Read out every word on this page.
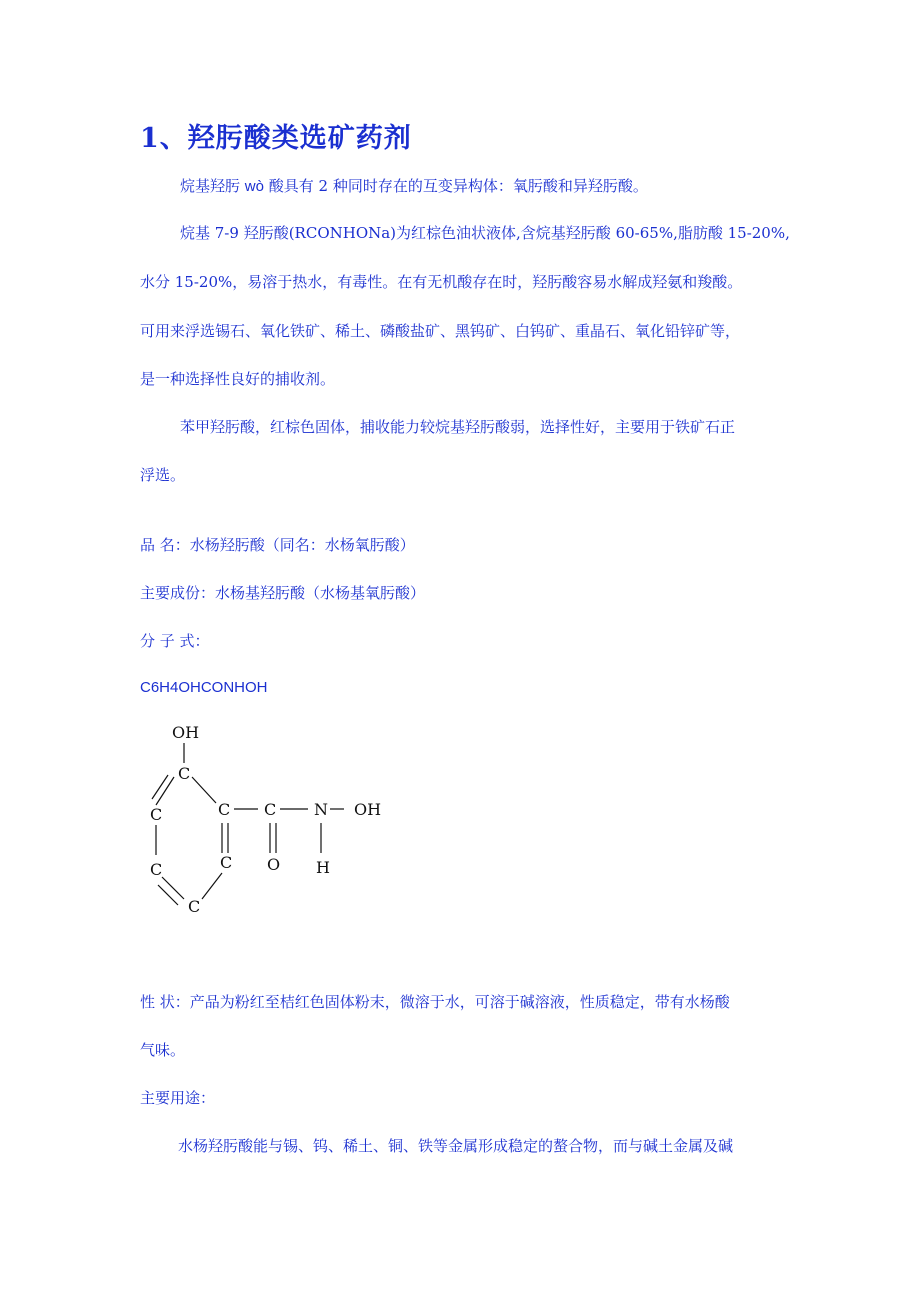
1、羟肟酸类选矿药剂
烷基羟肟 wò 酸具有 2 种同时存在的互变异构体：氧肟酸和异羟肟酸。
烷基 7-9 羟肟酸(RCONHONa)为红棕色油状液体,含烷基羟肟酸 60-65%,脂肪酸 15-20%,
水分 15-20%，易溶于热水，有毒性。在有无机酸存在时，羟肟酸容易水解成羟氨和羧酸。
可用来浮选锡石、氧化铁矿、稀土、磷酸盐矿、黑钨矿、白钨矿、重晶石、氧化铅锌矿等，
是一种选择性良好的捕收剂。
苯甲羟肟酸，红棕色固体，捕收能力较烷基羟肟酸弱，选择性好，主要用于铁矿石正
浮选。
品 名：水杨羟肟酸（同名：水杨氧肟酸）
主要成份：水杨基羟肟酸（水杨基氧肟酸）
分 子 式：
C6H4OHCONHOH
OH
C
C	C C N OH
C	C O H
C
性 状：产品为粉红至桔红色固体粉末，微溶于水，可溶于碱溶液，性质稳定，带有水杨酸
气味。
主要用途：
水杨羟肟酸能与锡、钨、稀土、铜、铁等金属形成稳定的螯合物，而与碱土金属及碱
